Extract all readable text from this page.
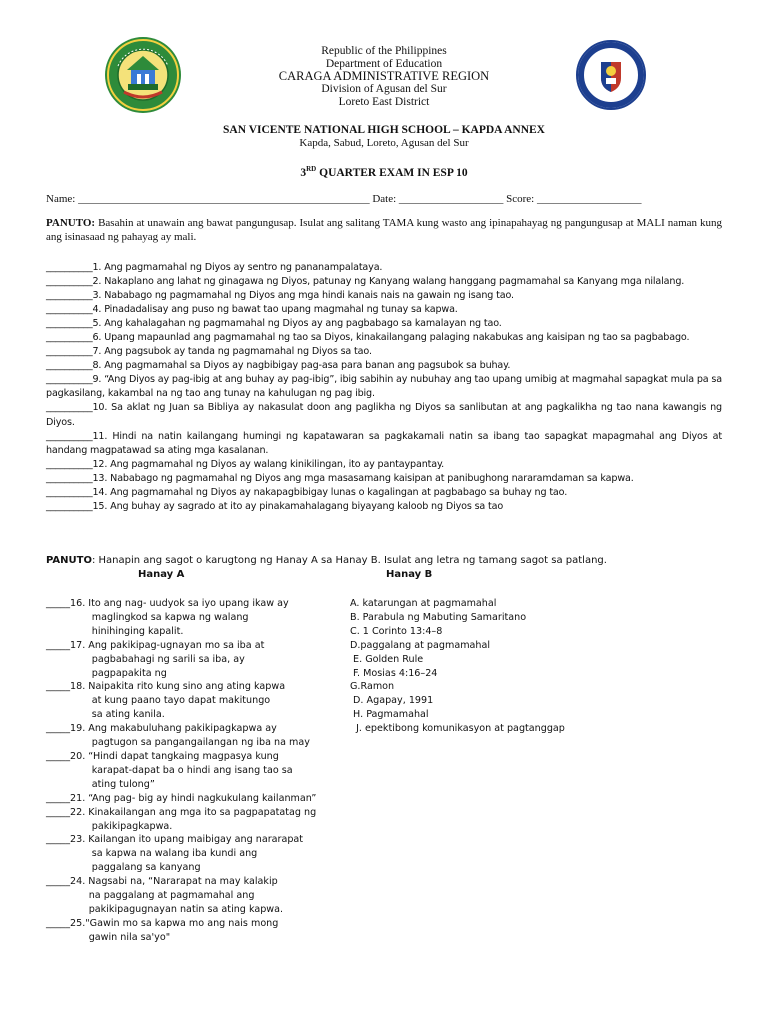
Republic of the Philippines
Department of Education
CARAGA ADMINISTRATIVE REGION
Division of Agusan del Sur
Loreto East District
SAN VICENTE NATIONAL HIGH SCHOOL – KAPDA ANNEX
Kapda, Sabud, Loreto, Agusan del Sur
3RD QUARTER EXAM IN ESP 10
Name: _____________________________________________________ Date: ___________________ Score: ___________________
PANUTO: Basahin at unawain ang bawat pangungusap. Isulat ang salitang TAMA kung wasto ang ipinapahayag ng pangungusap at MALI naman kung ang isinasaad ng pahayag ay mali.
__________1. Ang pagmamahal ng Diyos ay sentro ng pananampalataya.
__________2. Nakaplano ang lahat ng ginagawa ng Diyos, patunay ng Kanyang walang hanggang pagmamahal sa Kanyang mga nilalang.
__________3. Nababago ng pagmamahal ng Diyos ang mga hindi kanais nais na gawain ng isang tao.
__________4. Pinadadalisay ang puso ng bawat tao upang magmahal ng tunay sa kapwa.
__________5. Ang kahalagahan ng pagmamahal ng Diyos ay ang pagbabago sa kamalayan ng tao.
__________6. Upang mapaunlad ang pagmamahal ng tao sa Diyos, kinakailangang palaging nakabukas ang kaisipan ng tao sa pagbabago.
__________7. Ang pagsubok ay tanda ng pagmamahal ng Diyos sa tao.
__________8. Ang pagmamahal sa Diyos ay nagbibigay pag-asa para banan ang pagsubok sa buhay.
__________9. “Ang Diyos ay pag-ibig at ang buhay ay pag-ibig”, ibig sabihin ay nubuhay ang tao upang umibig at magmahal sapagkat mula pa sa pagkasilang, kakambal na ng tao ang tunay na kahulugan ng pag ibig.
__________10. Sa aklat ng Juan sa Bibliya ay nakasulat doon ang paglikha ng Diyos sa sanlibutan at ang pagkalikha ng tao nana kawangis ng Diyos.
__________11. Hindi na natin kailangang humingi ng kapatawaran sa pagkakamali natin sa ibang tao sapagkat mapagmahal ang Diyos at handang magpatawad sa ating mga kasalanan.
__________12. Ang pagmamahal ng Diyos ay walang kinikilingan, ito ay pantaypantay.
__________13. Nababago ng pagmamahal ng Diyos ang mga masasamang kaisipan at panibughong nararamdaman sa kapwa.
__________14. Ang pagmamahal ng Diyos ay nakapagbibigay lunas o kagalingan at pagbabago sa buhay ng tao.
__________15. Ang buhay ay sagrado at ito ay pinakamahalagang biyayang kaloob ng Diyos sa tao
PANUTO: Hanapin ang sagot o karugtong ng Hanay A sa Hanay B. Isulat ang letra ng tamang sagot sa patlang.
Hanay A	Hanay B
_____16. Ito ang nag- uudyok sa iyo upang ikaw ay
maglingkod sa kapwa ng walang
hinihinging kapalit.
_____17. Ang pakikipag-ugnayan mo sa iba at
pagbabahagi ng sarili sa iba, ay
pagpapakita ng
_____18. Naipakita rito kung sino ang ating kapwa
at kung paano tayo dapat makitungo
sa ating kanila.
_____19. Ang makabuluhang pakikipagkapwa ay
pagtugon sa pangangailangan ng iba na may
_____20. “Hindi dapat tangkaing magpasya kung
karapat-dapat ba o hindi ang isang tao sa
ating tulong”
_____21. “Ang pag- big ay hindi nagkukulang kailanman”
_____22. Kinakailangan ang mga ito sa pagpapatatag ng
pakikipagkapwa.
_____23. Kailangan ito upang maibigay ang nararapat
sa kapwa na walang iba kundi ang
paggalang sa kanyang
_____24. Nagsabi na, “Nararapat na may kalakip
na paggalang at pagmamahal ang
pakikipagugnayan natin sa ating kapwa.
_____25."Gawin mo sa kapwa mo ang nais mong
gawin nila sa'yo"
A. katarungan at pagmamahal
B. Parabula ng Mabuting Samaritano
C. 1 Corinto 13:4–8
D.paggalang at pagmamahal
E. Golden Rule
F. Mosias 4:16–24
G.Ramon
D. Agapay, 1991
H. Pagmamahal
J. epektibong komunikasyon at pagtanggap
